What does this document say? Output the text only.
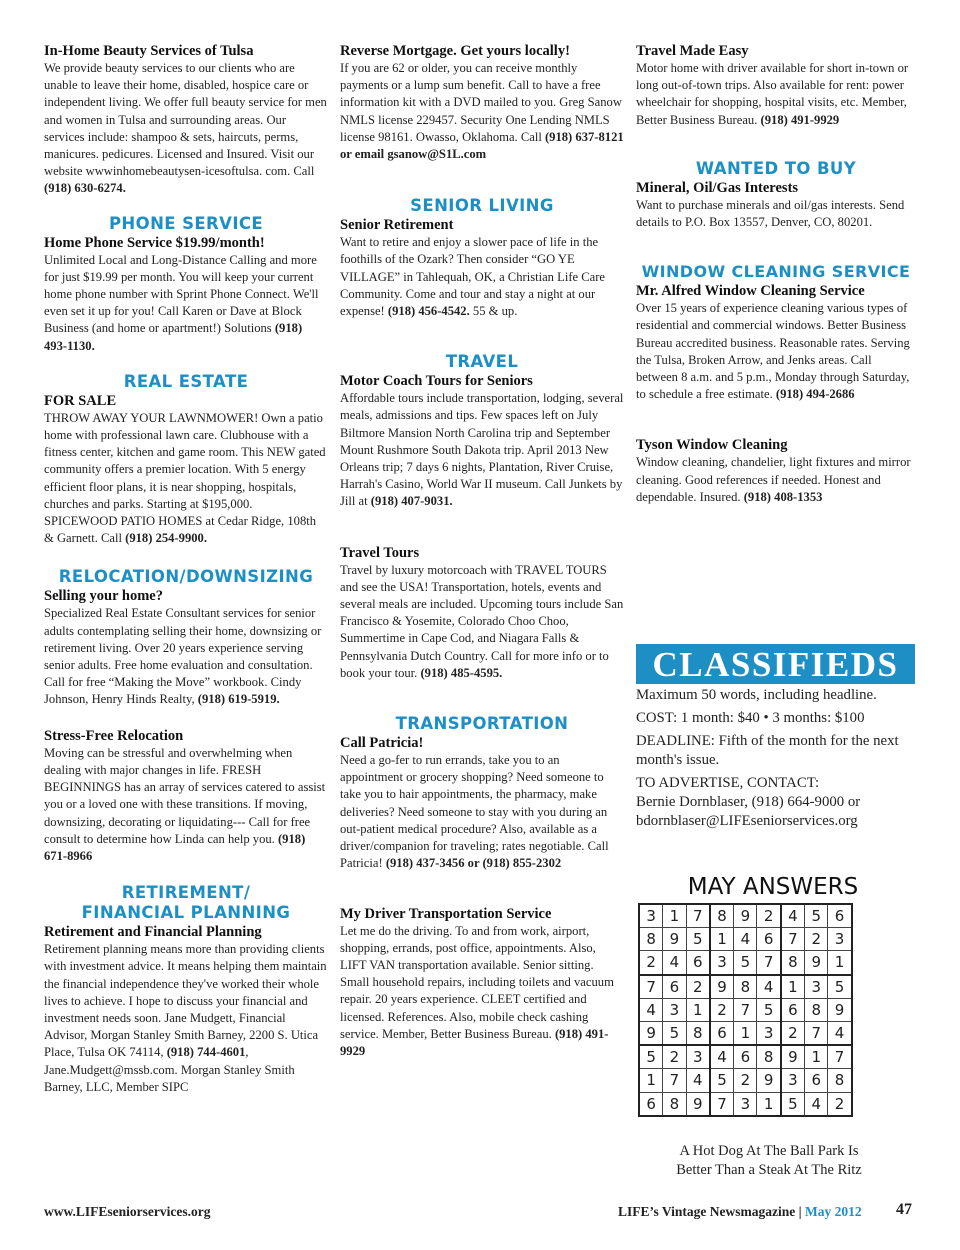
In-Home Beauty Services of Tulsa

We provide beauty services to our clients who are unable to leave their home, disabled, hospice care or independent living. We offer full beauty service for men and women in Tulsa and surrounding areas. Our services include: shampoo & sets, haircuts, perms, manicures. pedicures. Licensed and Insured. Visit our website wwwinhomebeautysen-icesoftulsa. com. Call (918) 630-6274.

PHONE SERVICE

Home Phone Service $19.99/month!

Unlimited Local and Long-Distance Calling and more for just $19.99 per month. You will keep your current home phone number with Sprint Phone Connect. We'll even set it up for you! Call Karen or Dave at Block Business (and home or apartment!) Solutions (918) 493-1130.

REAL ESTATE

FOR SALE

THROW AWAY YOUR LAWNMOWER! Own a patio home with professional lawn care. Clubhouse with a fitness center, kitchen and game room. This NEW gated community offers a premier location. With 5 energy efficient floor plans, it is near shopping, hospitals, churches and parks. Starting at $195,000. SPICEWOOD PATIO HOMES at Cedar Ridge, 108th & Garnett. Call (918) 254-9900.

RELOCATION/DOWNSIZING

Selling your home?

Specialized Real Estate Consultant services for senior adults contemplating selling their home, downsizing or retirement living. Over 20 years experience serving senior adults. Free home evaluation and consultation. Call for free “Making the Move” workbook. Cindy Johnson, Henry Hinds Realty, (918) 619-5919.

Stress-Free Relocation

Moving can be stressful and overwhelming when dealing with major changes in life. FRESH BEGINNINGS has an array of services catered to assist you or a loved one with these transitions. If moving, downsizing, decorating or liquidating--- Call for free consult to determine how Linda can help you. (918) 671-8966

RETIREMENT/
FINANCIAL PLANNING

Retirement and Financial Planning

Retirement planning means more than providing clients with investment advice. It means helping them maintain the financial independence they've worked their whole lives to achieve. I hope to discuss your financial and investment needs soon. Jane Mudgett, Financial Advisor, Morgan Stanley Smith Barney, 2200 S. Utica Place, Tulsa OK 74114, (918) 744-4601, Jane.Mudgett@mssb.com. Morgan Stanley Smith Barney, LLC, Member SIPC

Reverse Mortgage. Get yours locally!

If you are 62 or older, you can receive monthly payments or a lump sum benefit. Call to have a free information kit with a DVD mailed to you. Greg Sanow NMLS license 229457. Security One Lending NMLS license 98161. Owasso, Oklahoma. Call (918) 637-8121 or email gsanow@S1L.com

SENIOR LIVING

Senior Retirement

Want to retire and enjoy a slower pace of life in the foothills of the Ozark? Then consider “GO YE VILLAGE” in Tahlequah, OK, a Christian Life Care Community. Come and tour and stay a night at our expense! (918) 456-4542. 55 & up.

TRAVEL

Motor Coach Tours for Seniors

Affordable tours include transportation, lodging, several meals, admissions and tips. Few spaces left on July Biltmore Mansion North Carolina trip and September Mount Rushmore South Dakota trip. April 2013 New Orleans trip; 7 days 6 nights, Plantation, River Cruise, Harrah's Casino, World War II museum. Call Junkets by Jill at (918) 407-9031.

Travel Tours

Travel by luxury motorcoach with TRAVEL TOURS and see the USA! Transportation, hotels, events and several meals are included. Upcoming tours include San Francisco & Yosemite, Colorado Choo Choo, Summertime in Cape Cod, and Niagara Falls & Pennsylvania Dutch Country. Call for more info or to book your tour. (918) 485-4595.

TRANSPORTATION

Call Patricia!

Need a go-fer to run errands, take you to an appointment or grocery shopping? Need someone to take you to hair appointments, the pharmacy, make deliveries? Need someone to stay with you during an out-patient medical procedure? Also, available as a driver/companion for traveling; rates negotiable. Call Patricia! (918) 437-3456 or (918) 855-2302

My Driver Transportation Service

Let me do the driving. To and from work, airport, shopping, errands, post office, appointments. Also, LIFT VAN transportation available. Senior sitting. Small household repairs, including toilets and vacuum repair. 20 years experience. CLEET certified and licensed. References. Also, mobile check cashing service. Member, Better Business Bureau. (918) 491-9929

Travel Made Easy

Motor home with driver available for short in-town or long out-of-town trips. Also available for rent: power wheelchair for shopping, hospital visits, etc. Member, Better Business Bureau. (918) 491-9929

WANTED TO BUY

Mineral, Oil/Gas Interests

Want to purchase minerals and oil/gas interests. Send details to P.O. Box 13557, Denver, CO, 80201.

WINDOW CLEANING SERVICE

Mr. Alfred Window Cleaning Service

Over 15 years of experience cleaning various types of residential and commercial windows. Better Business Bureau accredited business. Reasonable rates. Serving the Tulsa, Broken Arrow, and Jenks areas. Call between 8 a.m. and 5 p.m., Monday through Saturday, to schedule a free estimate. (918) 494-2686

Tyson Window Cleaning

Window cleaning, chandelier, light fixtures and mirror cleaning. Good references if needed. Honest and dependable. Insured. (918) 408-1353

CLASSIFIEDS
Maximum 50 words, including headline.
COST: 1 month: $40 • 3 months: $100
DEADLINE: Fifth of the month for the next month's issue.
TO ADVERTISE, CONTACT:
Bernie Dornblaser, (918) 664-9000 or
bdornblaser@LIFEseniorservices.org
MAY ANSWERS
3	1	7	8	9	2	4	5	6
8	9	5	1	4	6	7	2	3
2	4	6	3	5	7	8	9	1
7	6	2	9	8	4	1	3	5
4	3	1	2	7	5	6	8	9
9	5	8	6	1	3	2	7	4
5	2	3	4	6	8	9	1	7
1	7	4	5	2	9	3	6	8
6	8	9	7	3	1	5	4	2
A Hot Dog At The Ball Park Is
Better Than a Steak At The Ritz
www.LIFEseniorservices.org	LIFE’s Vintage Newsmagazine | May 2012 47
